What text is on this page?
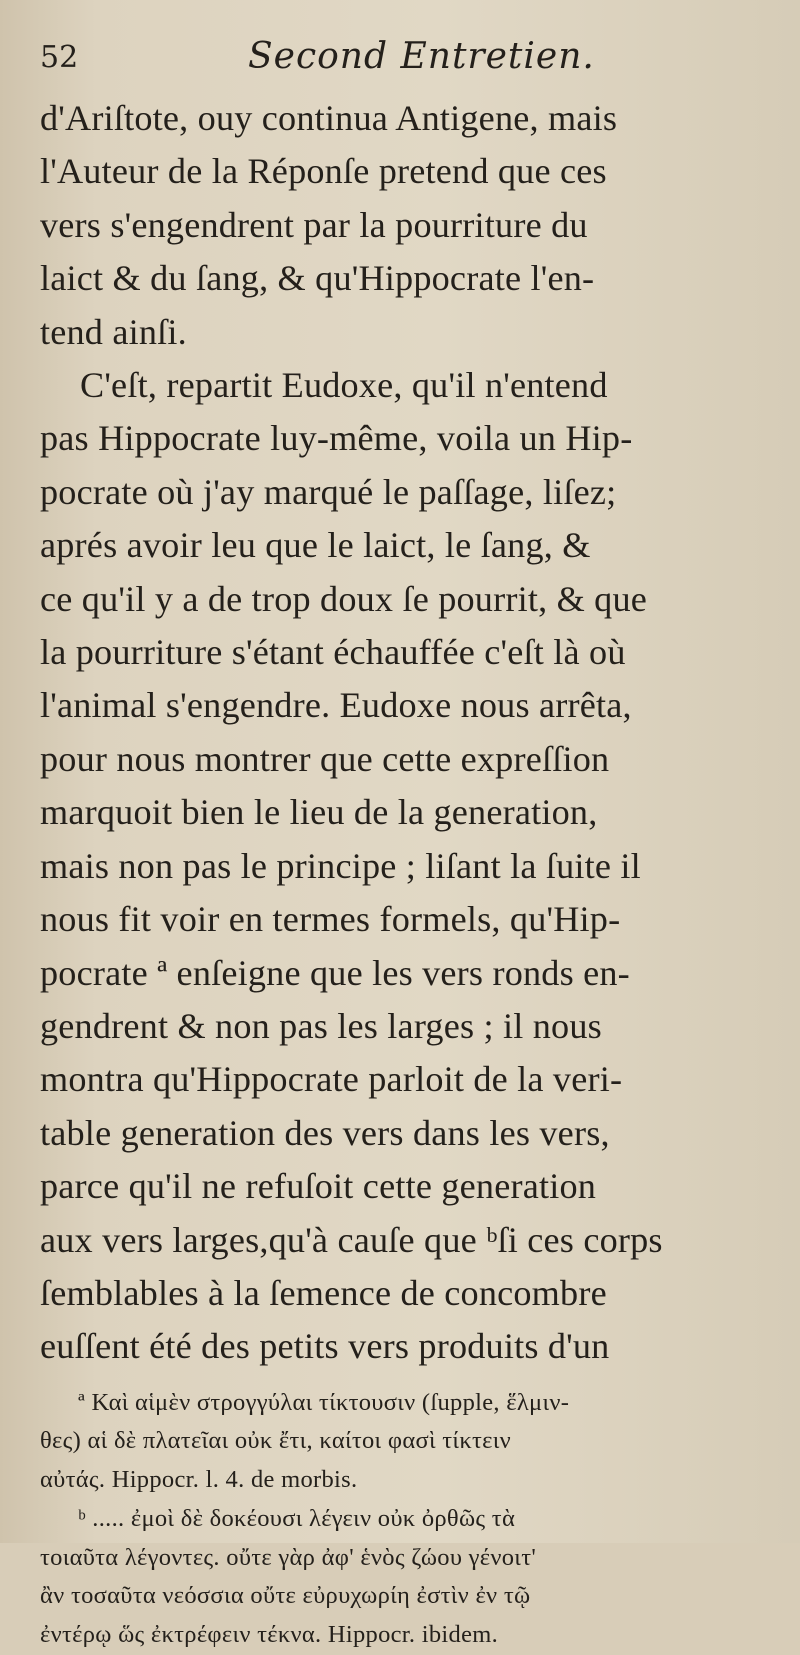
52	Second Entretien.
d'Ariſtote, ouy continua Antigene, mais
l'Auteur de la Réponſe pretend que ces
vers s'engendrent par la pourriture du
laict & du ſang, & qu'Hippocrate l'en-
tend ainſi.
C'eſt, repartit Eudoxe, qu'il n'entend
pas Hippocrate luy-même, voila un Hip-
pocrate où j'ay marqué le paſſage, liſez;
aprés avoir leu que le laict, le ſang, &
ce qu'il y a de trop doux ſe pourrit, & que
la pourriture s'étant échauffée c'eſt là où
l'animal s'engendre. Eudoxe nous arrêta,
pour nous montrer que cette expreſſion
marquoit bien le lieu de la generation,
mais non pas le principe ; liſant la ſuite il
nous fit voir en termes formels, qu'Hip-
pocrate ª enſeigne que les vers ronds en-
gendrent & non pas les larges ; il nous
montra qu'Hippocrate parloit de la veri-
table generation des vers dans les vers,
parce qu'il ne refuſoit cette generation
aux vers larges,qu'à cauſe que ᵇſi ces corps
ſemblables à la ſemence de concombre
euſſent été des petits vers produits d'un
ª Καὶ αἱμὲν στρογγύλαι τίκτουσιν (ſupple, ἕλμιν-
θες) αἱ δὲ πλατεῖαι οὐκ ἔτι, καίτοι φασὶ τίκτειν
αὐτάς. Hippocr. l. 4. de morbis.
ᵇ ..... ἐμοὶ δὲ δοκέουσι λέγειν οὐκ ὀρθῶς τὰ
τοιαῦτα λέγοντες. οὔτε γὰρ ἀφ' ἑνὸς ζώου γένοιτ'
ἂν τοσαῦτα νεόσσια οὔτε εὐρυχωρίη ἐστὶν ἐν τῷ
ἐντέρῳ ὥς ἐκτρέφειν τέκνα. Hippocr. ibidem.
